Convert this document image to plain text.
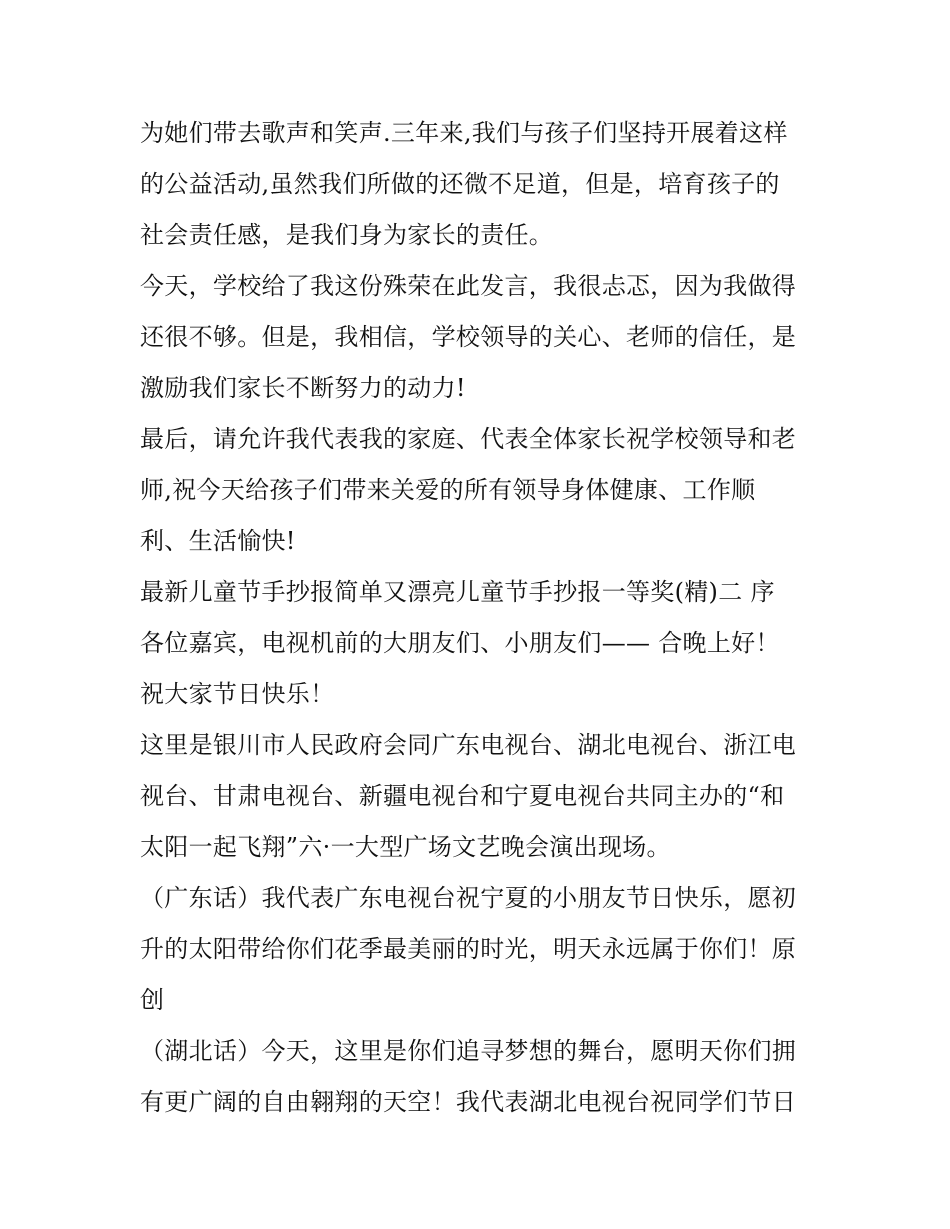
为她们带去歌声和笑声.三年来,我们与孩子们坚持开展着这样
的公益活动,虽然我们所做的还微不足道，但是，培育孩子的
社会责任感，是我们身为家长的责任。
今天，学校给了我这份殊荣在此发言，我很忐忑，因为我做得
还很不够。但是，我相信，学校领导的关心、老师的信任，是
激励我们家长不断努力的动力!
最后，请允许我代表我的家庭、代表全体家长祝学校领导和老
师,祝今天给孩子们带来关爱的所有领导身体健康、工作顺
利、生活愉快!
最新儿童节手抄报简单又漂亮儿童节手抄报一等奖(精)二 序
各位嘉宾，电视机前的大朋友们、小朋友们—— 合晚上好！
祝大家节日快乐！
这里是银川市人民政府会同广东电视台、湖北电视台、浙江电
视台、甘肃电视台、新疆电视台和宁夏电视台共同主办的“和
太阳一起飞翔”六·一大型广场文艺晚会演出现场。
（广东话）我代表广东电视台祝宁夏的小朋友节日快乐，愿初
升的太阳带给你们花季最美丽的时光，明天永远属于你们！原
创
（湖北话）今天，这里是你们追寻梦想的舞台，愿明天你们拥
有更广阔的自由翱翔的天空！我代表湖北电视台祝同学们节日
